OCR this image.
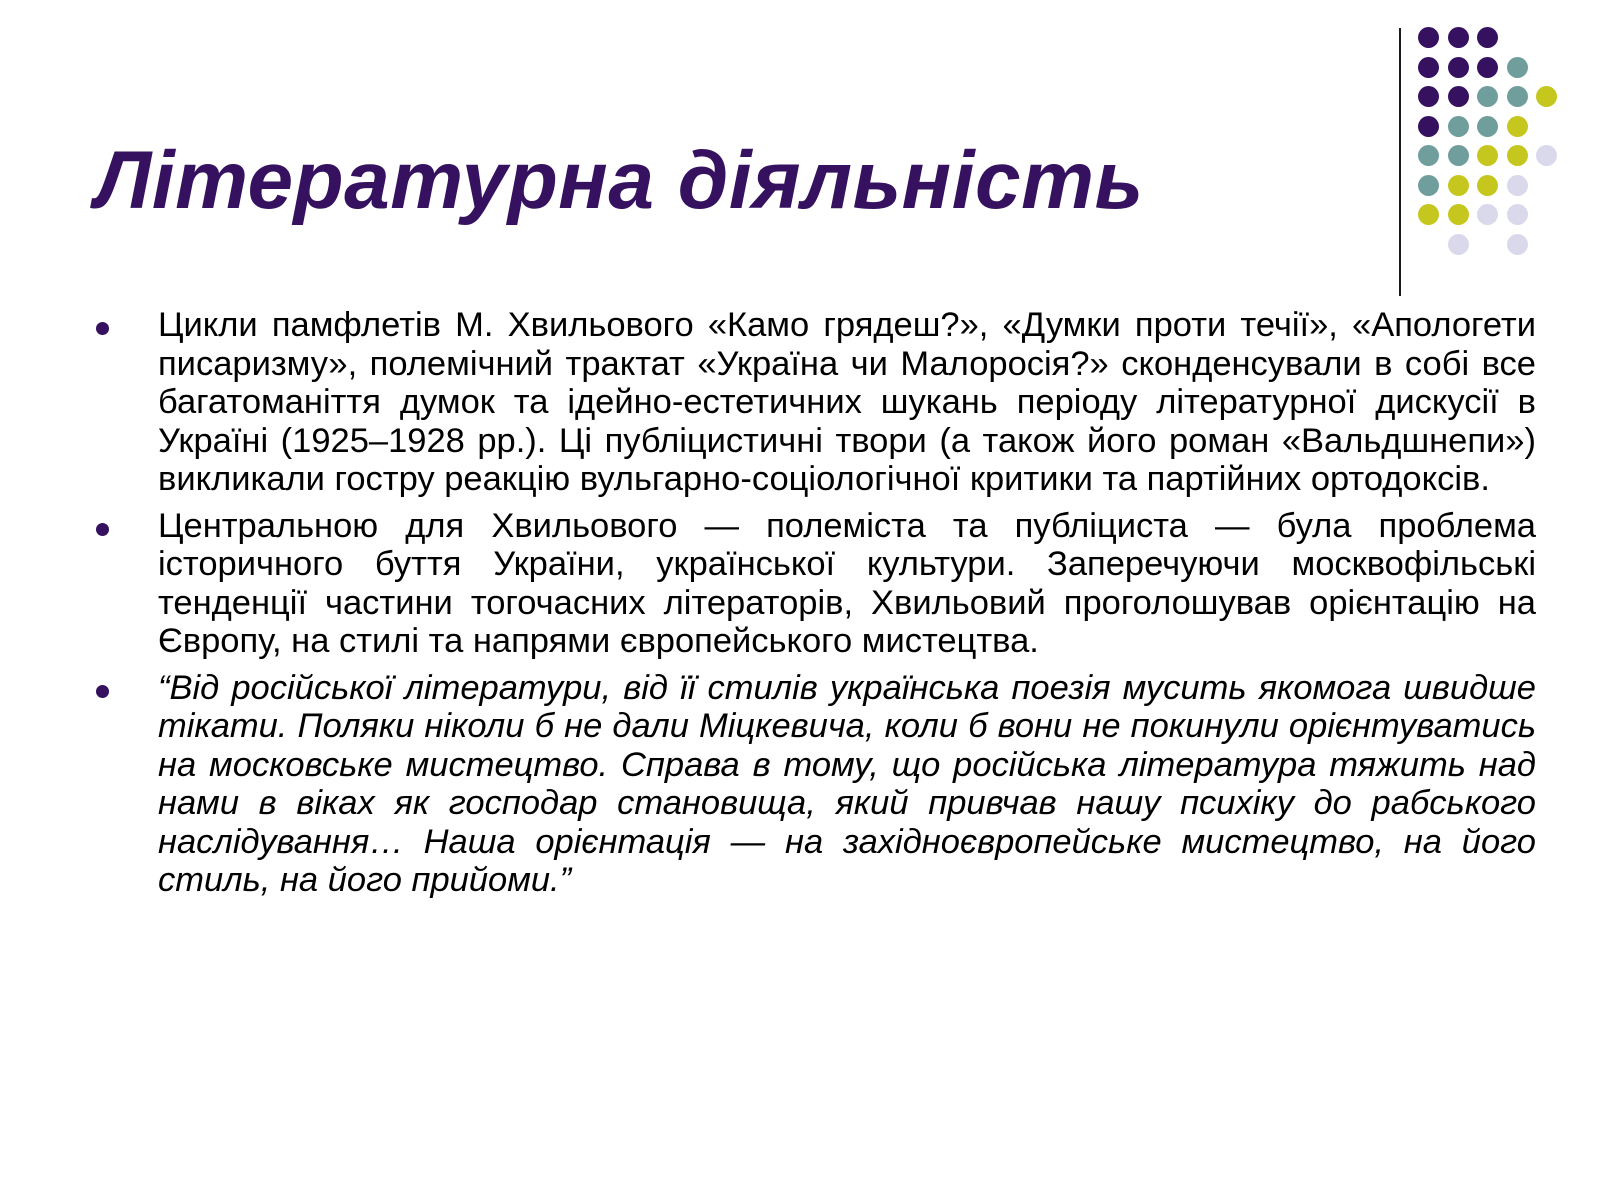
Літературна діяльність
Цикли памфлетів М. Хвильового «Камо грядеш?», «Думки проти течії», «Апологети писаризму», полемічний трактат «Україна чи Малоросія?» сконденсували в собі все багатоманіття думок та ідейно-естетичних шукань періоду літературної дискусії в Україні (1925–1928 рр.). Ці публіцистичні твори (а також його роман «Вальдшнепи») викликали гостру реакцію вульгарно-соціологічної критики та партійних ортодоксів.
Центральною для Хвильового — полеміста та публіциста — була проблема історичного буття України, української культури. Заперечуючи москвофільські тенденції частини тогочасних літераторів, Хвильовий проголошував орієнтацію на Європу, на стилі та напрями європейського мистецтва.
“Від російської літератури, від її стилів українська поезія мусить якомога швидше тікати. Поляки ніколи б не дали Міцкевича, коли б вони не покинули орієнтуватись на московське мистецтво. Справа в тому, що російська література тяжить над нами в віках як господар становища, який привчав нашу психіку до рабського наслідування… Наша орієнтація — на західноєвропейське мистецтво, на його стиль, на його прийоми.”
